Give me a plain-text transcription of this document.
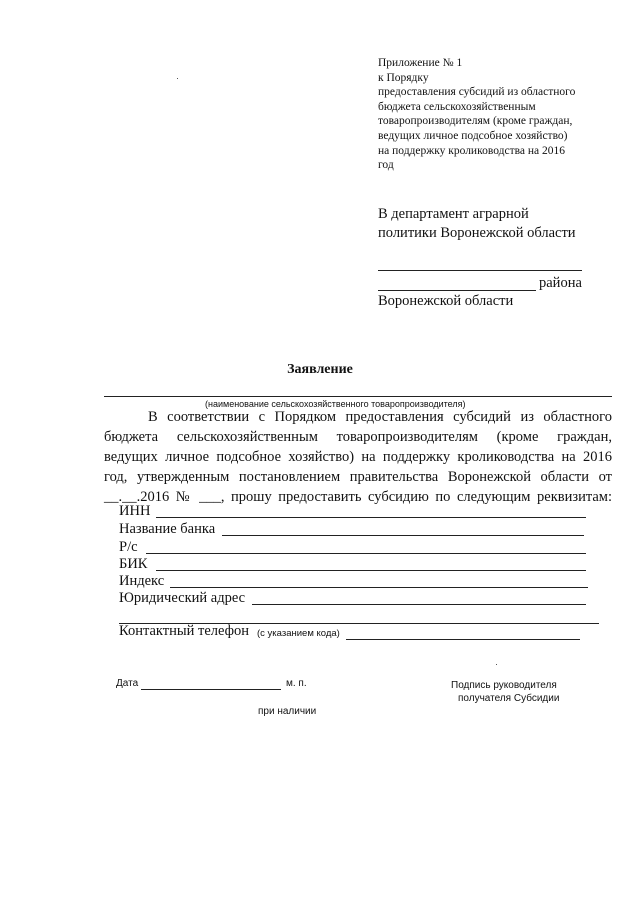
Приложение № 1
к Порядку
предоставления субсидий из областного
бюджета сельскохозяйственным
товаропроизводителям (кроме граждан,
ведущих личное подсобное хозяйство)
на поддержку кролиководства на 2016
год
В департамент аграрной
политики Воронежской области
района
Воронежской области
Заявление
(наименование сельскохозяйственного товаропроизводителя)
В соответствии с Порядком предоставления субсидий из областного
бюджета сельскохозяйственным товаропроизводителям (кроме граждан,
ведущих личное подсобное хозяйство) на поддержку кролиководства на 2016
год, утвержденным постановлением правительства Воронежской области от
__.__.2016 № ___, прошу предоставить субсидию по следующим реквизитам:
ИНН
Название банка
Р/с
БИК
Индекс
Юридический адрес
Контактный телефон (с указанием кода)
Дата	м. п.	Подпись руководителя
получателя Субсидии
при наличии
